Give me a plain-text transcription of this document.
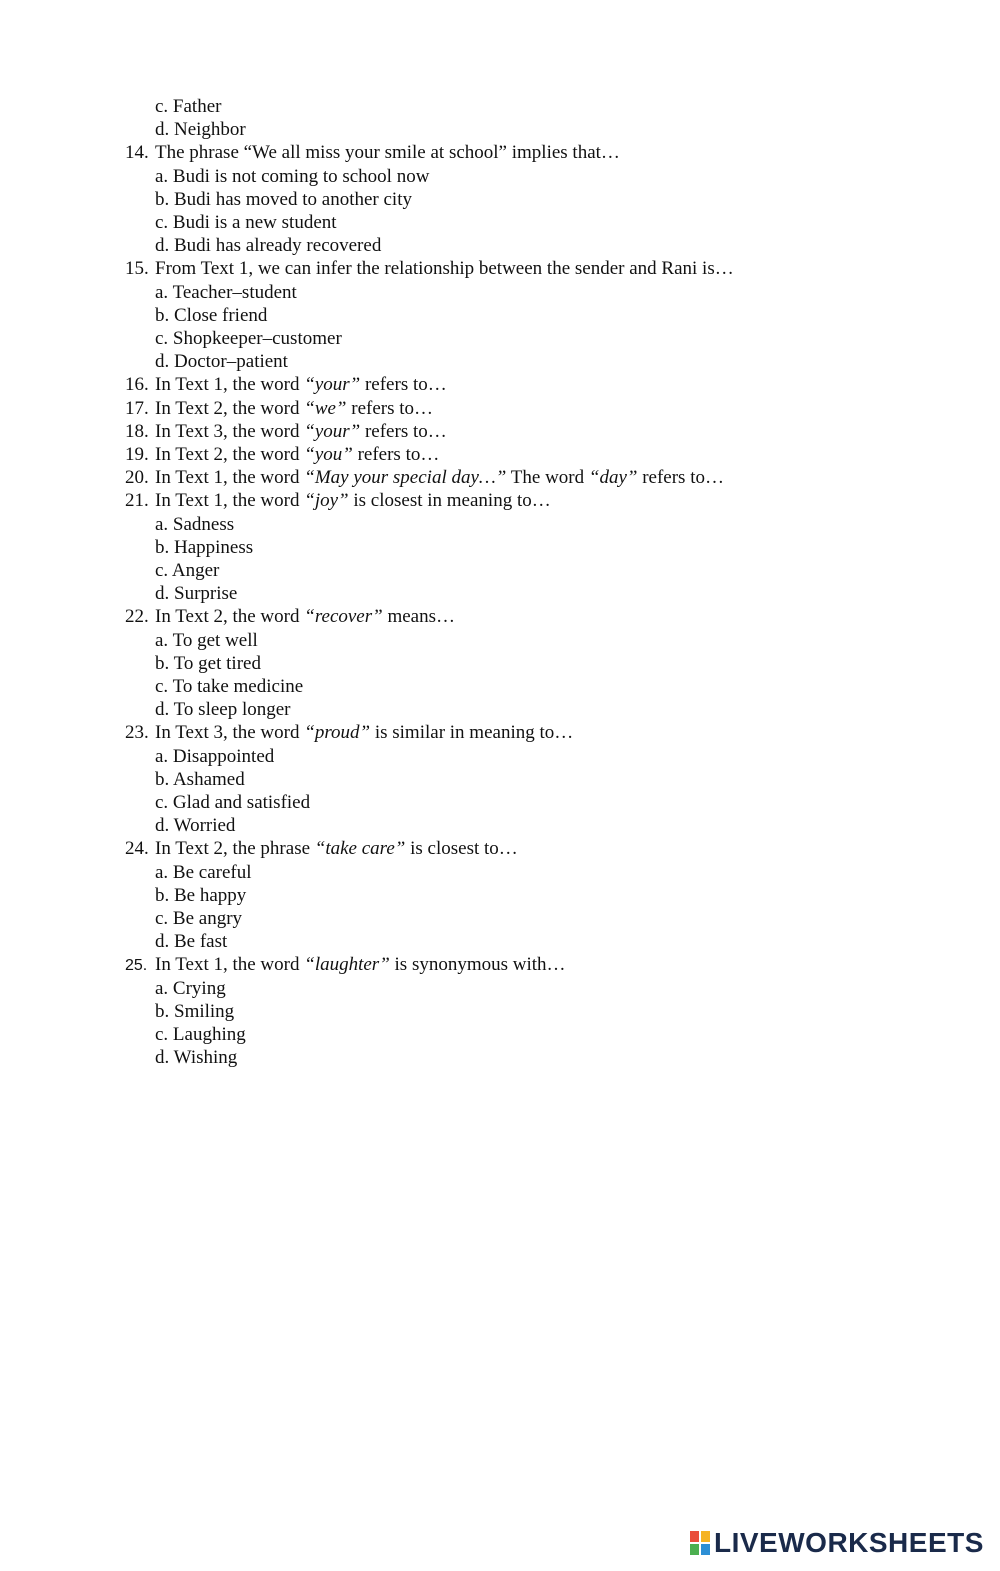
c. Father
d. Neighbor
14. The phrase “We all miss your smile at school” implies that…
a. Budi is not coming to school now
b. Budi has moved to another city
c. Budi is a new student
d. Budi has already recovered
15. From Text 1, we can infer the relationship between the sender and Rani is…
a. Teacher–student
b. Close friend
c. Shopkeeper–customer
d. Doctor–patient
16. In Text 1, the word “your” refers to…
17. In Text 2, the word “we” refers to…
18. In Text 3, the word “your” refers to…
19. In Text 2, the word “you” refers to…
20. In Text 1, the word “May your special day…” The word “day” refers to…
21. In Text 1, the word “joy” is closest in meaning to…
a. Sadness
b. Happiness
c. Anger
d. Surprise
22. In Text 2, the word “recover” means…
a. To get well
b. To get tired
c. To take medicine
d. To sleep longer
23. In Text 3, the word “proud” is similar in meaning to…
a. Disappointed
b. Ashamed
c. Glad and satisfied
d. Worried
24. In Text 2, the phrase “take care” is closest to…
a. Be careful
b. Be happy
c. Be angry
d. Be fast
25. In Text 1, the word “laughter” is synonymous with…
a. Crying
b. Smiling
c. Laughing
d. Wishing
LIVEWORKSHEETS
